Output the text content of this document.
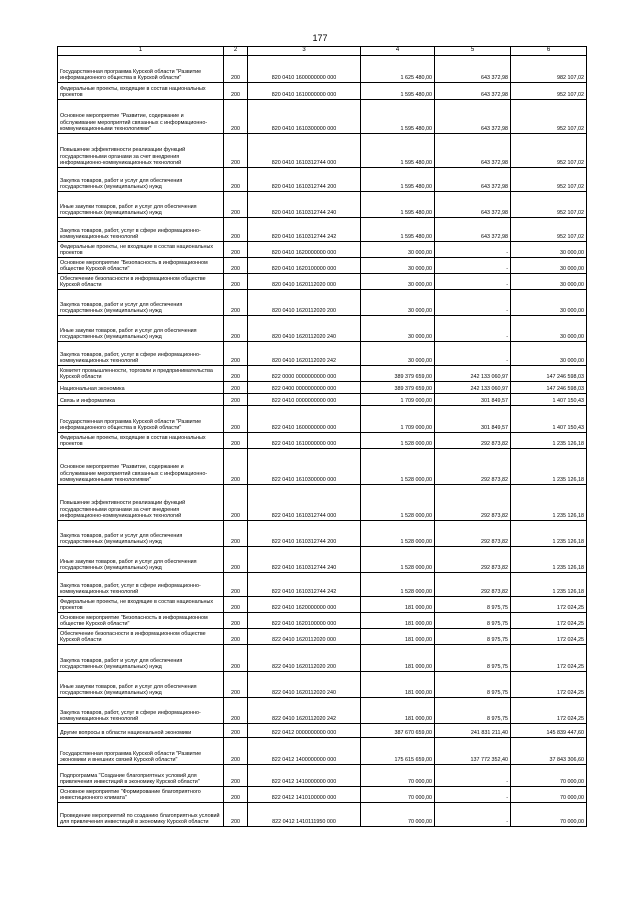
177
1	2	3	4	5	6
Государственная программа Курской области "Развитие информационного общества в Курской области"	200	820 0410 1600000000 000	1 625 480,00	643 372,98	982 107,02
Федеральные проекты, входящие в состав национальных проектов	200	820 0410 1610000000 000	1 595 480,00	643 372,98	952 107,02
Основное мероприятие "Развитие, содержание и обслуживание мероприятий связанных с информационно-коммуникационными технологиями"	200	820 0410 1610300000 000	1 595 480,00	643 372,98	952 107,02
Повышение эффективности реализации функций государственными органами за счет внедрения информационно-коммуникационных технологий	200	820 0410 1610312744 000	1 595 480,00	643 372,98	952 107,02
Закупка товаров, работ и услуг для обеспечения государственных (муниципальных) нужд	200	820 0410 1610312744 200	1 595 480,00	643 372,98	952 107,02
Иные закупки товаров, работ и услуг для обеспечения государственных (муниципальных) нужд	200	820 0410 1610312744 240	1 595 480,00	643 372,98	952 107,02
Закупка товаров, работ, услуг в сфере информационно-коммуникационных технологий	200	820 0410 1610312744 242	1 595 480,00	643 372,98	952 107,02
Федеральные проекты, не входящие в состав национальных проектов	200	820 0410 1620000000 000	30 000,00	-	30 000,00
Основное мероприятие "Безопасность в информационном обществе Курской области"	200	820 0410 1620100000 000	30 000,00	-	30 000,00
Обеспечение безопасности в информационном обществе Курской области	200	820 0410 1620112020 000	30 000,00	-	30 000,00
Закупка товаров, работ и услуг для обеспечения государственных (муниципальных) нужд	200	820 0410 1620112020 200	30 000,00	-	30 000,00
Иные закупки товаров, работ и услуг для обеспечения государственных (муниципальных) нужд	200	820 0410 1620112020 240	30 000,00	-	30 000,00
Закупка товаров, работ, услуг в сфере информационно-коммуникационных технологий	200	820 0410 1620112020 242	30 000,00	-	30 000,00
Комитет промышленности, торговли и предпринимательства Курской области	200	822 0000 0000000000 000	389 379 659,00	242 133 060,97	147 246 598,03
Национальная экономика	200	822 0400 0000000000 000	389 379 659,00	242 133 060,97	147 246 598,03
Связь и информатика	200	822 0410 0000000000 000	1 709 000,00	301 849,57	1 407 150,43
Государственная программа Курской области "Развитие информационного общества в Курской области"	200	822 0410 1600000000 000	1 709 000,00	301 849,57	1 407 150,43
Федеральные проекты, входящие в состав национальных проектов	200	822 0410 1610000000 000	1 528 000,00	292 873,82	1 235 126,18
Основное мероприятие "Развитие, содержание и обслуживание мероприятий связанных с информационно-коммуникационными технологиями"	200	822 0410 1610300000 000	1 528 000,00	292 873,82	1 235 126,18
Повышение эффективности реализации функций государственными органами за счет внедрения информационно-коммуникационных технологий	200	822 0410 1610312744 000	1 528 000,00	292 873,82	1 235 126,18
Закупка товаров, работ и услуг для обеспечения государственных (муниципальных) нужд	200	822 0410 1610312744 200	1 528 000,00	292 873,82	1 235 126,18
Иные закупки товаров, работ и услуг для обеспечения государственных (муниципальных) нужд	200	822 0410 1610312744 240	1 528 000,00	292 873,82	1 235 126,18
Закупка товаров, работ, услуг в сфере информационно-коммуникационных технологий	200	822 0410 1610312744 242	1 528 000,00	292 873,82	1 235 126,18
Федеральные проекты, не входящие в состав национальных проектов	200	822 0410 1620000000 000	181 000,00	8 975,75	172 024,25
Основное мероприятие "Безопасность в информационном обществе Курской области"	200	822 0410 1620100000 000	181 000,00	8 975,75	172 024,25
Обеспечение безопасности в информационном обществе Курской области	200	822 0410 1620112020 000	181 000,00	8 975,75	172 024,25
Закупка товаров, работ и услуг для обеспечения государственных (муниципальных) нужд	200	822 0410 1620112020 200	181 000,00	8 975,75	172 024,25
Иные закупки товаров, работ и услуг для обеспечения государственных (муниципальных) нужд	200	822 0410 1620112020 240	181 000,00	8 975,75	172 024,25
Закупка товаров, работ, услуг в сфере информационно-коммуникационных технологий	200	822 0410 1620112020 242	181 000,00	8 975,75	172 024,25
Другие вопросы в области национальной экономики	200	822 0412 0000000000 000	387 670 659,00	241 831 211,40	145 839 447,60
Государственная программа Курской области "Развитие экономики и внешних связей Курской области"	200	822 0412 1400000000 000	175 615 659,00	137 772 352,40	37 843 306,60
Подпрограмма "Создание благоприятных условий для привлечения инвестиций в экономику Курской области"	200	822 0412 1410000000 000	70 000,00	-	70 000,00
Основное мероприятие "Формирование благоприятного инвестиционного климата"	200	822 0412 1410100000 000	70 000,00	-	70 000,00
Проведение мероприятий по созданию благоприятных условий для привлечения инвестиций в экономику Курской области	200	822 0412 1410111950 000	70 000,00	-	70 000,00
